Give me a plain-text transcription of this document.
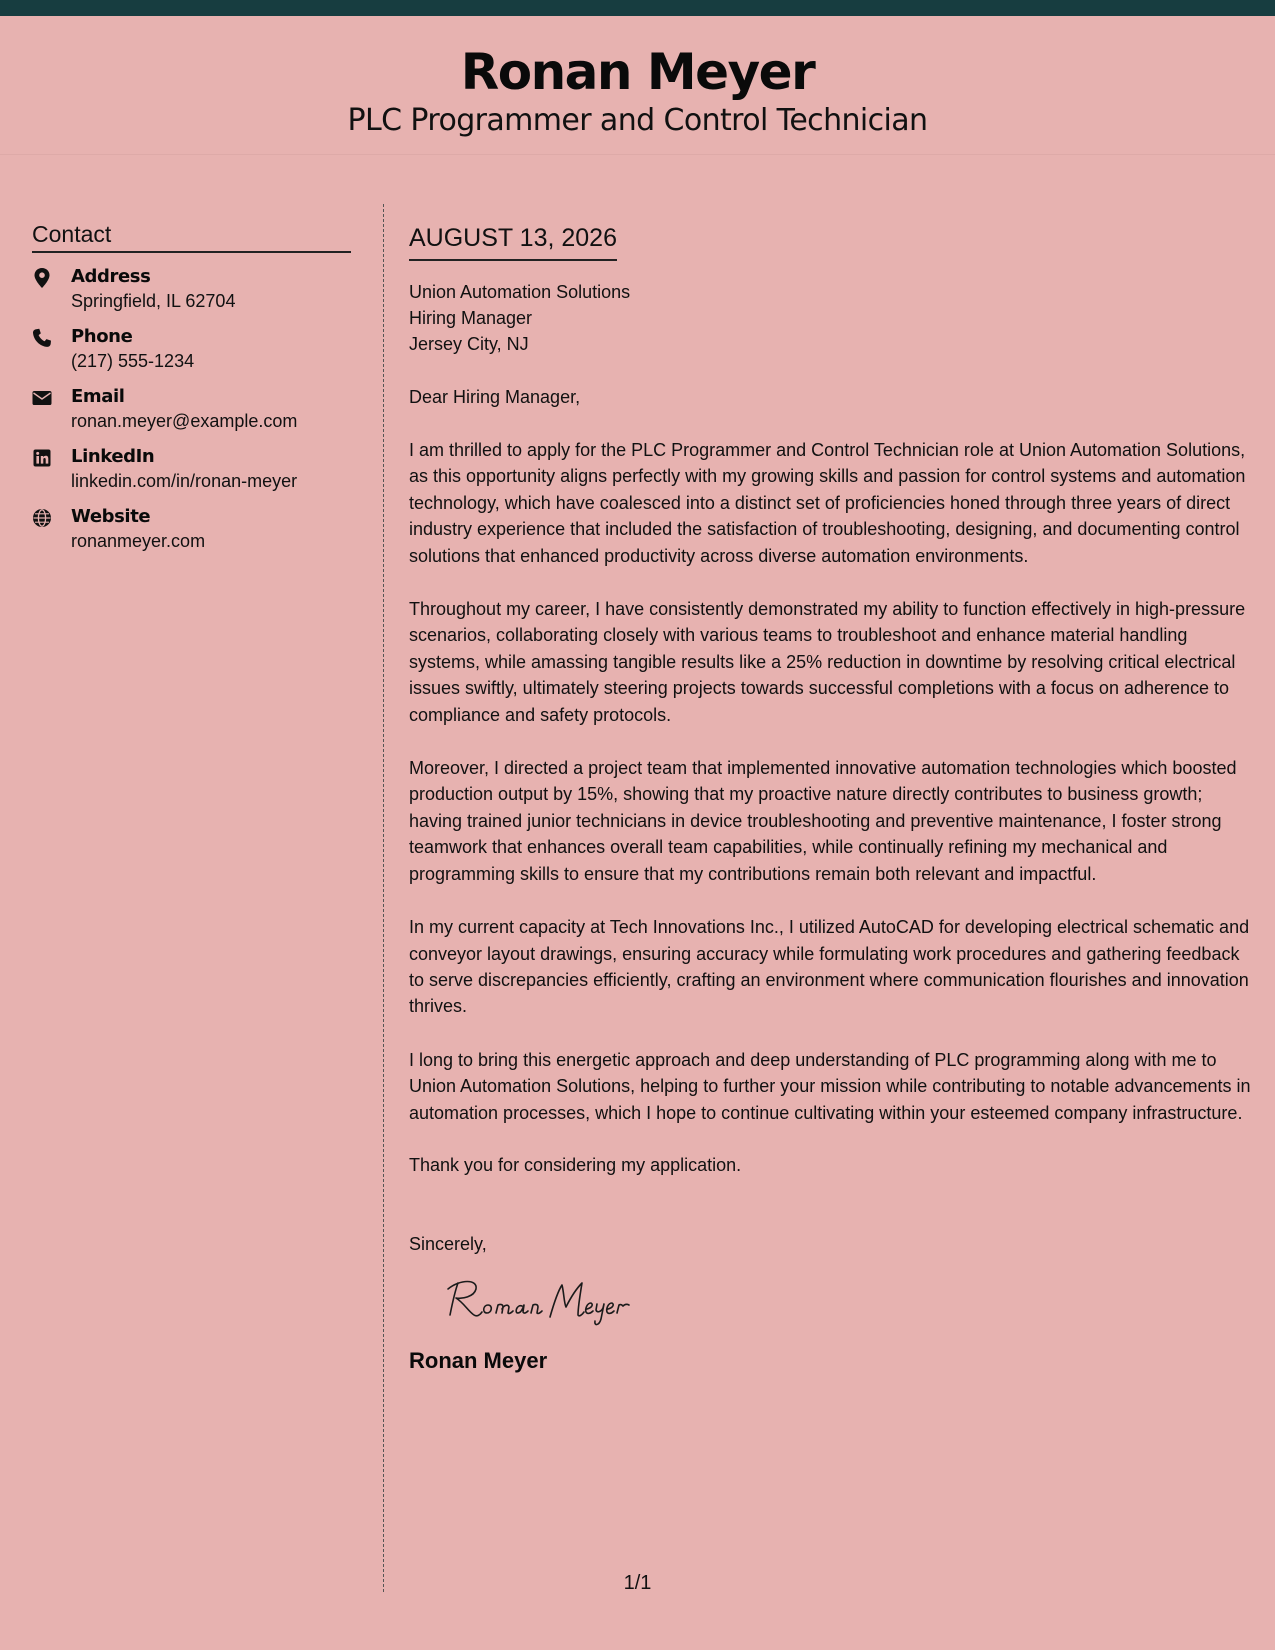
Ronan Meyer
PLC Programmer and Control Technician
Contact
Address
Springfield, IL 62704
Phone
(217) 555-1234
Email
ronan.meyer@example.com
LinkedIn
linkedin.com/in/ronan-meyer
Website
ronanmeyer.com
AUGUST 13, 2026
Union Automation Solutions
Hiring Manager
Jersey City, NJ
Dear Hiring Manager,

I am thrilled to apply for the PLC Programmer and Control Technician role at Union Automation Solutions, as this opportunity aligns perfectly with my growing skills and passion for control systems and automation technology, which have coalesced into a distinct set of proficiencies honed through three years of direct industry experience that included the satisfaction of troubleshooting, designing, and documenting control solutions that enhanced productivity across diverse automation environments.

Throughout my career, I have consistently demonstrated my ability to function effectively in high-pressure scenarios, collaborating closely with various teams to troubleshoot and enhance material handling systems, while amassing tangible results like a 25% reduction in downtime by resolving critical electrical issues swiftly, ultimately steering projects towards successful completions with a focus on adherence to compliance and safety protocols.

Moreover, I directed a project team that implemented innovative automation technologies which boosted production output by 15%, showing that my proactive nature directly contributes to business growth; having trained junior technicians in device troubleshooting and preventive maintenance, I foster strong teamwork that enhances overall team capabilities, while continually refining my mechanical and programming skills to ensure that my contributions remain both relevant and impactful.

In my current capacity at Tech Innovations Inc., I utilized AutoCAD for developing electrical schematic and conveyor layout drawings, ensuring accuracy while formulating work procedures and gathering feedback to serve discrepancies efficiently, crafting an environment where communication flourishes and innovation thrives.

I long to bring this energetic approach and deep understanding of PLC programming along with me to Union Automation Solutions, helping to further your mission while contributing to notable advancements in automation processes, which I hope to continue cultivating within your esteemed company infrastructure.

Thank you for considering my application.
Sincerely,
Ronan Meyer
1/1
